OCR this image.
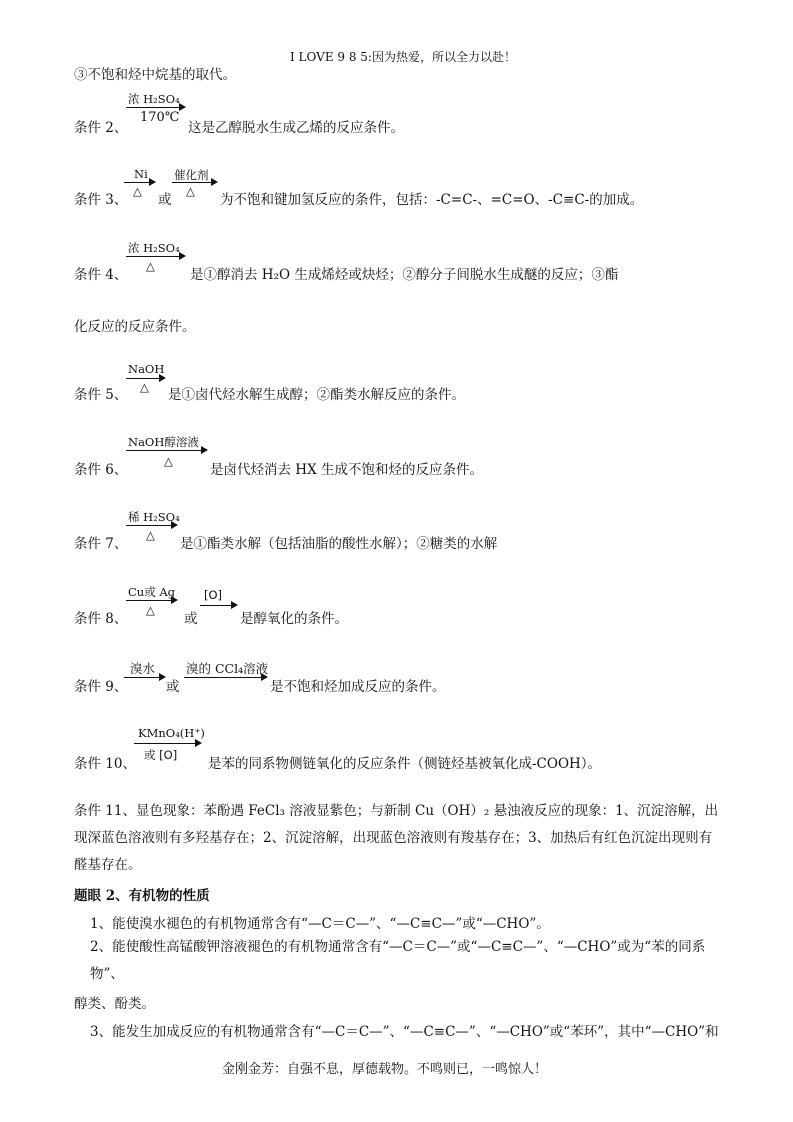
I LOVE 9 8 5:因为热爱，所以全力以赴！
③不饱和烃中烷基的取代。
条件 2、
浓 H₂SO₄
170℃
这是乙醇脱水生成乙烯的反应条件。
条件 3、
Ni
△
或
催化剂
△
为不饱和键加氢反应的条件，包括：-C=C-、=C=O、-C≡C-的加成。
条件 4、
浓 H₂SO₄
△
是①醇消去 H₂O 生成烯烃或炔烃；②醇分子间脱水生成醚的反应；③酯
化反应的反应条件。
条件 5、
NaOH
△ 是①卤代烃水解生成醇；②酯类水解反应的条件。
条件 6、
NaOH醇溶液
△
是卤代烃消去 HX 生成不饱和烃的反应条件。
条件 7、
稀 H₂SO₄
△
是①酯类水解（包括油脂的酸性水解）；②糖类的水解
条件 8、
Cu或 Ag
△
或
[O]
是醇氧化的条件。
条件 9、
溴水
或
溴的 CCl₄溶液
是不饱和烃加成反应的条件。
条件 10、
KMnO₄(H⁺)
或 [O]
是苯的同系物侧链氧化的反应条件（侧链烃基被氧化成-COOH）。
条件 11、显色现象：苯酚遇 FeCl₃ 溶液显紫色；与新制 Cu（OH）₂ 悬浊液反应的现象：1、沉淀溶解，出现深蓝色溶液则有多羟基存在；2、沉淀溶解，出现蓝色溶液则有羧基存在；3、加热后有红色沉淀出现则有醛基存在。
题眼 2、有机物的性质
1、能使溴水褪色的有机物通常含有“—C＝C—”、“—C≡C—”或“—CHO”。
2、能使酸性高锰酸钾溶液褪色的有机物通常含有“—C＝C—”或“—C≡C—”、“—CHO”或为“苯的同系物”、
醇类、酚类。
3、能发生加成反应的有机物通常含有“—C＝C—”、“—C≡C—”、“—CHO”或“苯环”，其中“—CHO”和
金刚金芳：自强不息，厚德载物。不鸣则已，一鸣惊人！
